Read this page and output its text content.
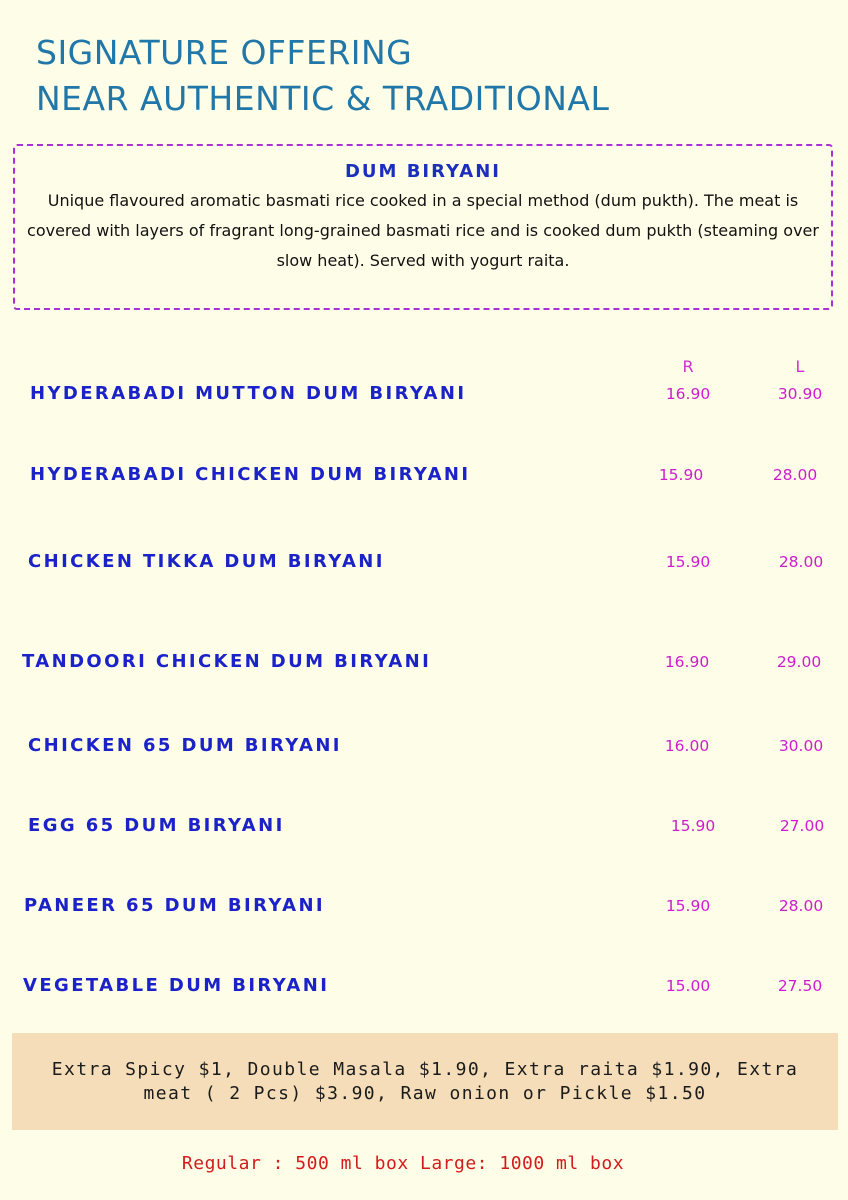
SIGNATURE OFFERING
NEAR AUTHENTIC & TRADITIONAL
DUM BIRYANI
Unique flavoured aromatic basmati rice cooked in a special method (dum pukth). The meat is covered with layers of fragrant long-grained basmati rice and is cooked dum pukth (steaming over slow heat). Served with yogurt raita.
R	L
HYDERABADI MUTTON DUM BIRYANI	16.90	30.90
HYDERABADI CHICKEN DUM BIRYANI	15.90	28.00
CHICKEN TIKKA DUM BIRYANI	15.90	28.00
TANDOORI CHICKEN DUM BIRYANI	16.90	29.00
CHICKEN 65 DUM BIRYANI	16.00	30.00
EGG 65 DUM BIRYANI	15.90	27.00
PANEER 65 DUM BIRYANI	15.90	28.00
VEGETABLE DUM BIRYANI	15.00	27.50
Extra Spicy $1, Double Masala $1.90, Extra raita $1.90, Extra meat ( 2 Pcs) $3.90, Raw onion or Pickle $1.50
Regular : 500 ml box Large: 1000 ml box
